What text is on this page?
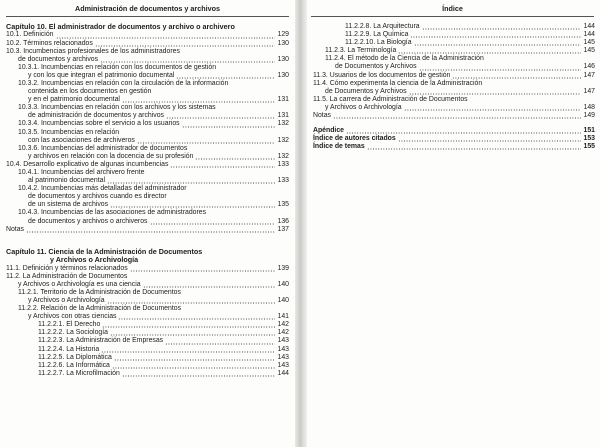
Administración de documentos y archivos
Capítulo 10. El administrador de documentos y archivo o archivero
10.1. Definición	129
10.2. Términos relacionados	130
10.3. Incumbencias profesionales de los administradores
de documentos y archivos	130
10.3.1. Incumbencias en relación con los documentos de gestión
y con los que integran el patrimonio documental	130
10.3.2. Incumbencias en relación con la circulación de la información
contenida en los documentos en gestión
y en el patrimonio documental	131
10.3.3. Incumbencias en relación con los archivos y los sistemas
de administración de documentos y archivos	131
10.3.4. Incumbencias sobre el servicio a los usuarios	132
10.3.5. Incumbencias en relación
con las asociaciones de archiveros	132
10.3.6. Incumbencias del administrador de documentos
y archivos en relación con la docencia de su profesión	132
10.4. Desarrollo explicativo de algunas incumbencias	133
10.4.1. Incumbencias del archivero frente
al patrimonio documental	133
10.4.2. Incumbencias más detalladas del administrador
de documentos y archivos cuando es director
de un sistema de archivos	135
10.4.3. Incumbencias de las asociaciones de administradores
de documentos y archivos o archiveros	136
Notas	137
Capítulo 11. Ciencia de la Administración de Documentos
y Archivos o Archivología
11.1. Definición y términos relacionados	139
11.2. La Administración de Documentos
y Archivos o Archivología es una ciencia	140
11.2.1. Territorio de la Administración de Documentos
y Archivos o Archivología	140
11.2.2. Relación de la Administración de Documentos
y Archivos con otras ciencias	141
11.2.2.1. El Derecho	142
11.2.2.2. La Sociología	142
11.2.2.3. La Administración de Empresas	143
11.2.2.4. La Historia	143
11.2.2.5. La Diplomática	143
11.2.2.6. La Informática	143
11.2.2.7. La Microfilmación	144
Índice
11.2.2.8. La Arquitectura	144
11.2.2.9. La Química	144
11.2.2.10. La Biología	145
11.2.3. La Terminología	145
11.2.4. El método de la Ciencia de la Administración
de Documentos y Archivos	146
11.3. Usuarios de los documentos de gestión	147
11.4. Cómo experimenta la ciencia de la Administración
de Documentos y Archivos	147
11.5. La carrera de Administración de Documentos
y Archivos o Archivología	148
Notas	149
Apéndice	151
Índice de autores citados	153
Índice de temas	155
